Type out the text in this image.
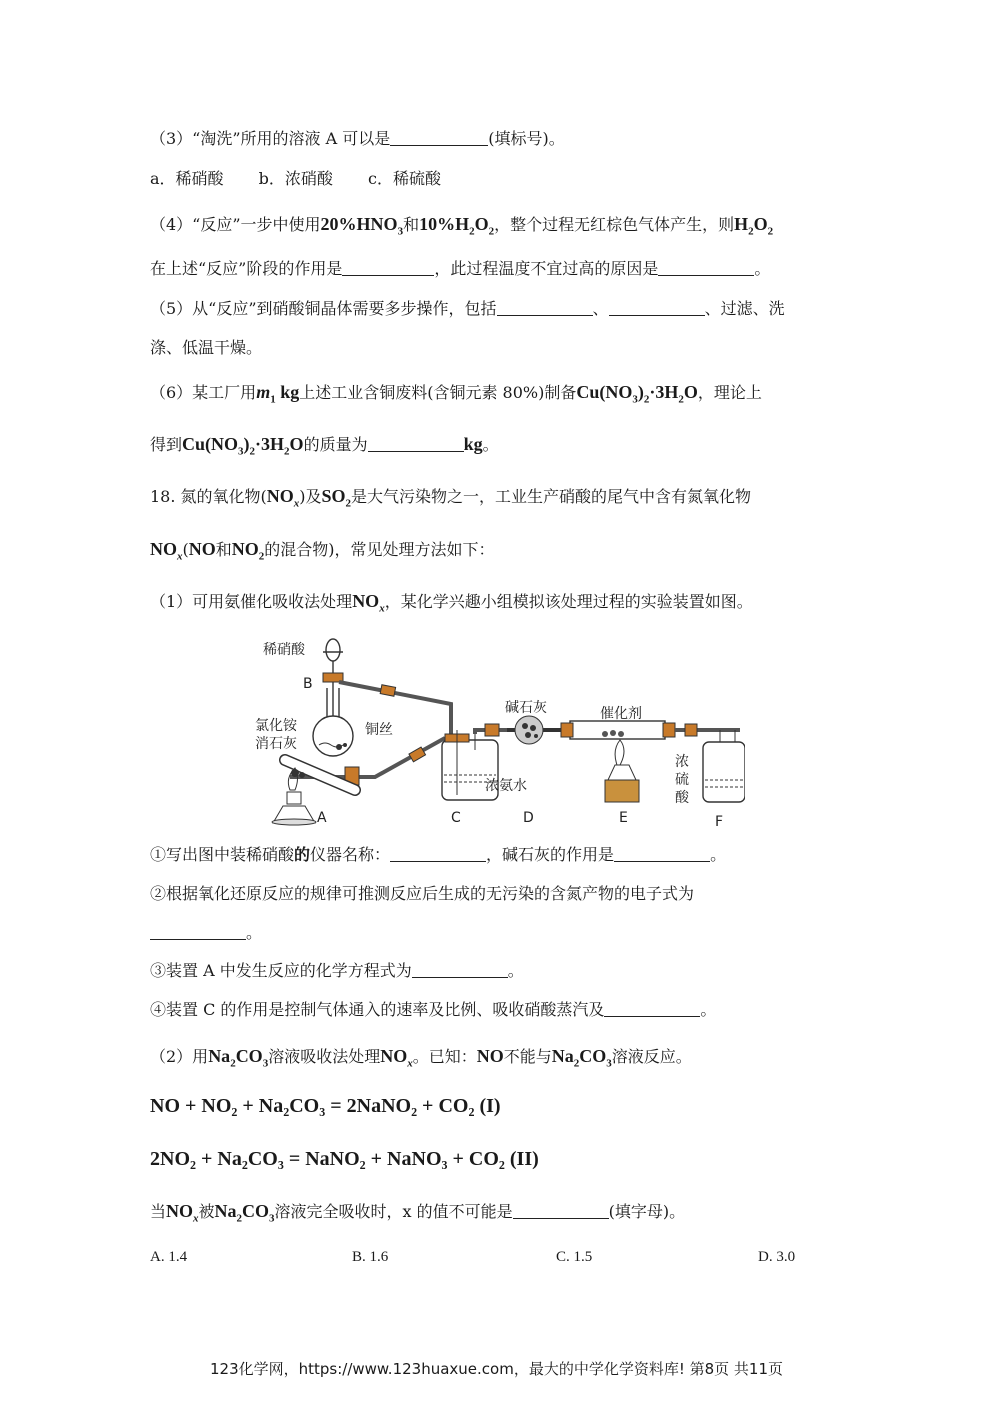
（3）“淘洗”所用的溶液 A 可以是	(填标号)。
a．稀硝酸 b．浓硝酸 c．稀硫酸
（4）“反应”一步中使用$20\%HNO_3$和$10\%H_2O_2$，整个过程无红棕色气体产生，则$H_2O_2$
在上述“反应”阶段的作用是	，此过程温度不宜过高的原因是	。
（5）从“反应”到硝酸铜晶体需要多步操作，包括	、	、过滤、洗
涤、低温干燥。
（6）某工厂用$m_1$ kg上述工业含铜废料(含铜元素 80%)制备$Cu(NO_3)_2\cdot 3H_2O$，理论上
得到$Cu(NO_3)_2\cdot 3H_2O$的质量为	kg。
18. 氮的氧化物$(NO_x)$及$SO_2$是大气污染物之一，工业生产硝酸的尾气中含有氮氧化物
$NO_x(NO$和$NO_2$的混合物)，常见处理方法如下：
（1）可用氨催化吸收法处理$NO_x$，某化学兴趣小组模拟该处理过程的实验装置如图。
稀硝酸
B
氯化铵
消石灰
铜丝
碱石灰	催化剂
浓氨水
浓
硫
酸
A	C	D	E	F
①写出图中装稀硝酸的仪器名称：	，碱石灰的作用是	。
②根据氧化还原反应的规律可推测反应后生成的无污染的含氮产物的电子式为
。
③装置 A 中发生反应的化学方程式为	。
④装置 C 的作用是控制气体通入的速率及比例、吸收硝酸蒸汽及	。
（2）用$Na_2CO_3$溶液吸收法处理$NO_x$。已知：NO不能与$Na_2CO_3$溶液反应。
NO + NO₂ + Na₂CO₃ = 2NaNO₂ + CO₂ (I)
2NO₂ + Na₂CO₃ = NaNO₂ + NaNO₃ + CO₂ (II)
当$NO_x$被$Na_2CO_3$溶液完全吸收时，x 的值不可能是	(填字母)。
A. 1.4	B. 1.6	C. 1.5	D. 3.0
123化学网，https://www.123huaxue.com，最大的中学化学资料库! 第8页 共11页
